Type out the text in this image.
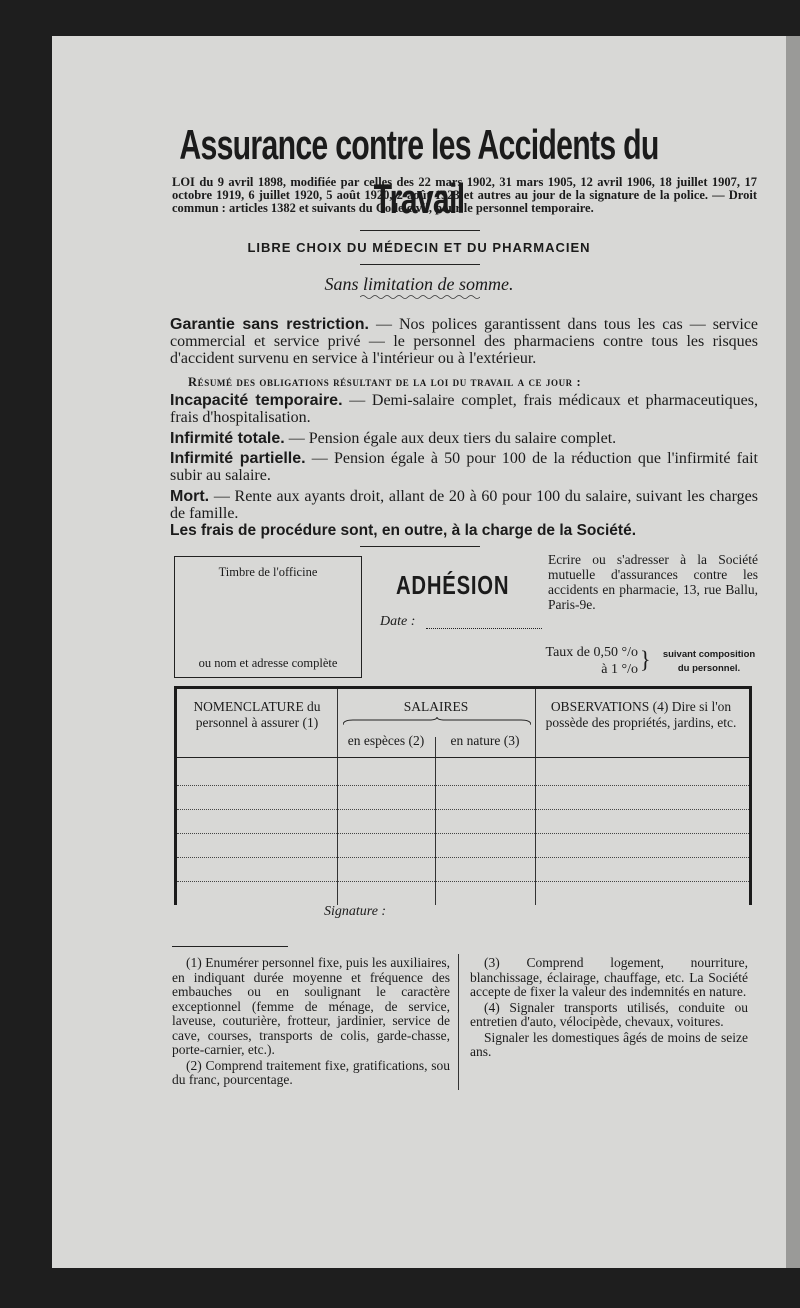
Assurance contre les Accidents du Travail
LOI du 9 avril 1898, modifiée par celles des 22 mars 1902, 31 mars 1905, 12 avril 1906, 18 juillet 1907, 17 octobre 1919, 6 juillet 1920, 5 août 1920, 2 août 1923 et autres au jour de la signature de la police. — Droit commun : articles 1382 et suivants du Code civil, pour le personnel temporaire.
LIBRE CHOIX DU MÉDECIN ET DU PHARMACIEN
Sans limitation de somme.
Garantie sans restriction. — Nos polices garantissent dans tous les cas — service commercial et service privé — le personnel des pharmaciens contre tous les risques d'accident survenu en service à l'intérieur ou à l'extérieur.
Résumé des obligations résultant de la loi du travail a ce jour :
Incapacité temporaire. — Demi-salaire complet, frais médicaux et pharmaceutiques, frais d'hospitalisation.
Infirmité totale. — Pension égale aux deux tiers du salaire complet.
Infirmité partielle. — Pension égale à 50 pour 100 de la réduction que l'infirmité fait subir au salaire.
Mort. — Rente aux ayants droit, allant de 20 à 60 pour 100 du salaire, suivant les charges de famille.
Les frais de procédure sont, en outre, à la charge de la Société.
Timbre de l'officine
ou nom et adresse complète
ADHÉSION
Date :
Ecrire ou s'adresser à la Société mutuelle d'assurances contre les accidents en pharmacie, 13, rue Ballu, Paris-9e.
Taux de 0,50 °/o
à 1 °/o }	suivant composition
du personnel.
NOMENCLATURE du personnel à assurer (1)
SALAIRES
en espèces (2)	en nature (3)
OBSERVATIONS (4) Dire si l'on possède des propriétés, jardins, etc.
Signature :

(1) Enumérer personnel fixe, puis les auxiliaires, en indiquant durée moyenne et fréquence des embauches ou en soulignant le caractère exceptionnel (femme de ménage, de service, laveuse, couturière, frotteur, jardinier, service de cave, courses, transports de colis, garde-chasse, porte-carnier, etc.).

(2) Comprend traitement fixe, gratifications, sou du franc, pourcentage.

(3) Comprend logement, nourriture, blanchissage, éclairage, chauffage, etc. La Société accepte de fixer la valeur des indemnités en nature.

(4) Signaler transports utilisés, conduite ou entretien d'auto, vélocipède, chevaux, voitures.

Signaler les domestiques âgés de moins de seize ans.
